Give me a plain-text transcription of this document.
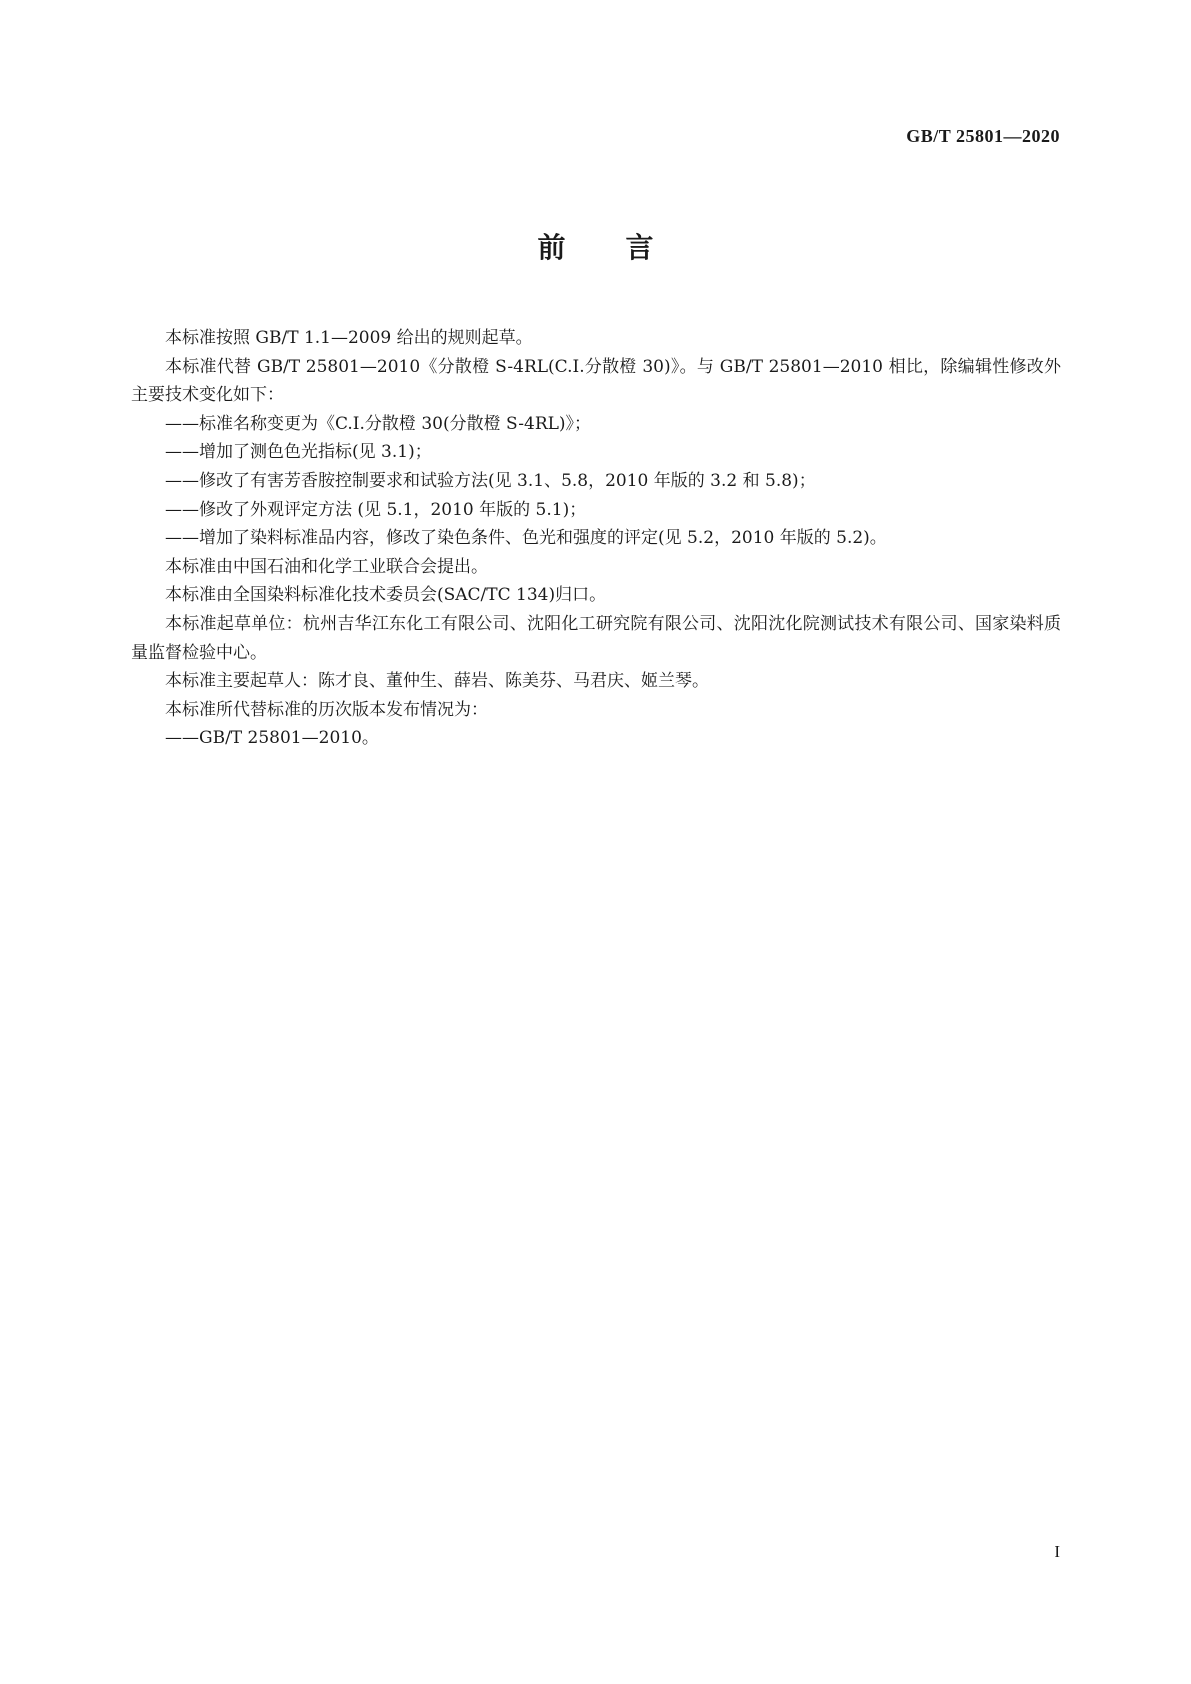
GB/T 25801—2020
前言

本标准按照 GB/T 1.1—2009 给出的规则起草。

本标准代替 GB/T 25801—2010《分散橙 S-4RL(C.I.分散橙 30)》。与 GB/T 25801—2010 相比，除编辑性修改外主要技术变化如下：

——标准名称变更为《C.I.分散橙 30(分散橙 S-4RL)》；

——增加了测色色光指标(见 3.1)；

——修改了有害芳香胺控制要求和试验方法(见 3.1、5.8，2010 年版的 3.2 和 5.8)；

——修改了外观评定方法 (见 5.1，2010 年版的 5.1)；

——增加了染料标准品内容，修改了染色条件、色光和强度的评定(见 5.2，2010 年版的 5.2)。

本标准由中国石油和化学工业联合会提出。

本标准由全国染料标准化技术委员会(SAC/TC 134)归口。

本标准起草单位：杭州吉华江东化工有限公司、沈阳化工研究院有限公司、沈阳沈化院测试技术有限公司、国家染料质量监督检验中心。

本标准主要起草人：陈才良、董仲生、薛岩、陈美芬、马君庆、姬兰琴。

本标准所代替标准的历次版本发布情况为：

——GB/T 25801—2010。

I
